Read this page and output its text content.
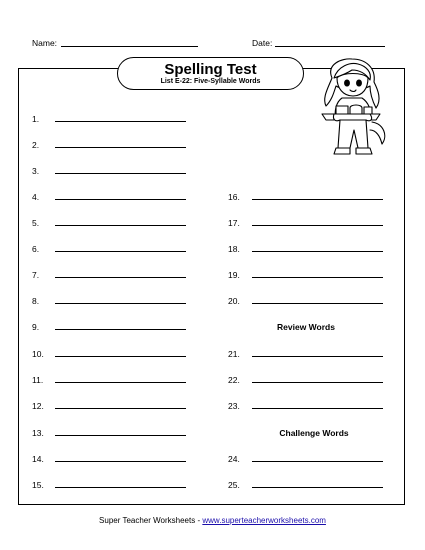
Name:	Date:
Spelling Test
List E-22: Five-Syllable Words
1.
2.
3.
4.
5.
6.
7.
8.
9.
10.
11.
12.
13.
14.
15.
16.
17.
18.
19.
20.
Review Words
21.
22.
23.
Challenge Words
24.
25.
Super Teacher Worksheets - www.superteacherworksheets.com
